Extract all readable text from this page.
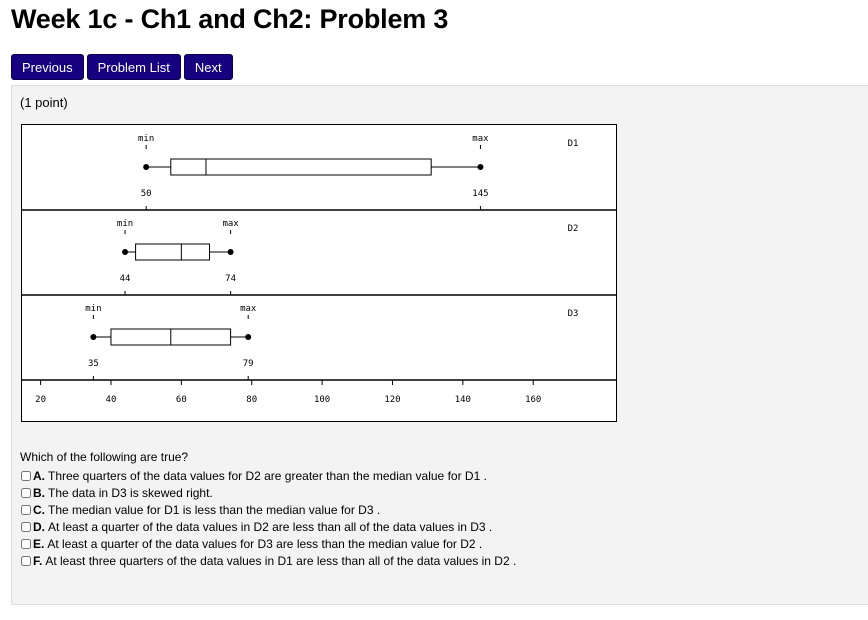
Week 1c - Ch1 and Ch2: Problem 3
Previous	Problem List	Next
(1 point)
min	max	D1
50	145
min	max	D2
44	74
min	max	D3
35	79
20	40	60	80	100	120	140	160
Which of the following are true?
A. Three quarters of the data values for D2 are greater than the median value for D1 .
B. The data in D3 is skewed right.
C. The median value for D1 is less than the median value for D3 .
D. At least a quarter of the data values in D2 are less than all of the data values in D3 .
E. At least a quarter of the data values for D3 are less than the median value for D2 .
F. At least three quarters of the data values in D1 are less than all of the data values in D2 .
